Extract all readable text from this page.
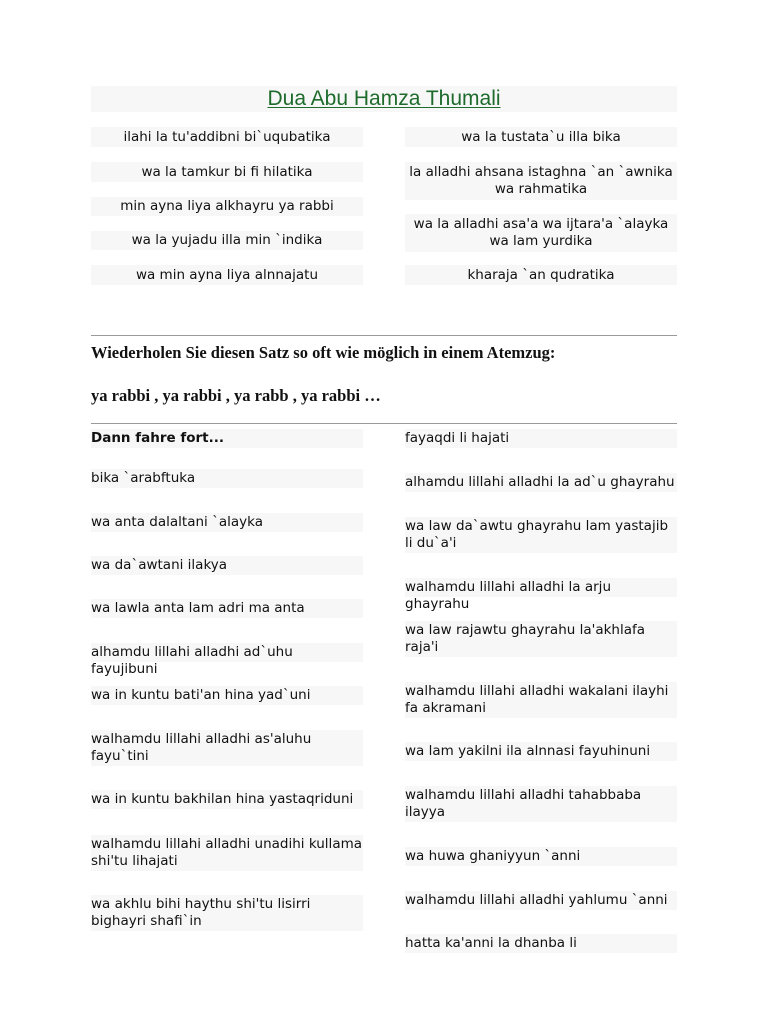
Dua Abu Hamza Thumali
ilahi la tu'addibni bi`uqubatika
wa la tamkur bi fi hilatika
min ayna liya alkhayru ya rabbi
wa la yujadu illa min `indika
wa min ayna liya alnnajatu
wa la tustata`u illa bika
la alladhi ahsana istaghna `an `awnika wa rahmatika
wa la alladhi asa'a wa ijtara'a `alayka wa lam yurdika
kharaja `an qudratika
Wiederholen Sie diesen Satz so oft wie möglich in einem Atemzug:
ya rabbi , ya rabbi , ya rabb , ya rabbi …
Dann fahre fort...
bika `arabftuka
wa anta dalaltani `alayka
wa da`awtani ilakya
wa lawla anta lam adri ma anta
alhamdu lillahi alladhi ad`uhu fayujibuni
wa in kuntu bati'an hina yad`uni
walhamdu lillahi alladhi as'aluhu fayu`tini
wa in kuntu bakhilan hina yastaqriduni
walhamdu lillahi alladhi unadihi kullama shi'tu lihajati
wa akhlu bihi haythu shi'tu lisirri bighayri shafi`in
fayaqdi li hajati
alhamdu lillahi alladhi la ad`u ghayrahu
wa law da`awtu ghayrahu lam yastajib li du`a'i
walhamdu lillahi alladhi la arju ghayrahu
wa law rajawtu ghayrahu la'akhlafa raja'i
walhamdu lillahi alladhi wakalani ilayhi fa akramani
wa lam yakilni ila alnnasi fayuhinuni
walhamdu lillahi alladhi tahabbaba ilayya
wa huwa ghaniyyun `anni
walhamdu lillahi alladhi yahlumu `anni
hatta ka'anni la dhanba li
